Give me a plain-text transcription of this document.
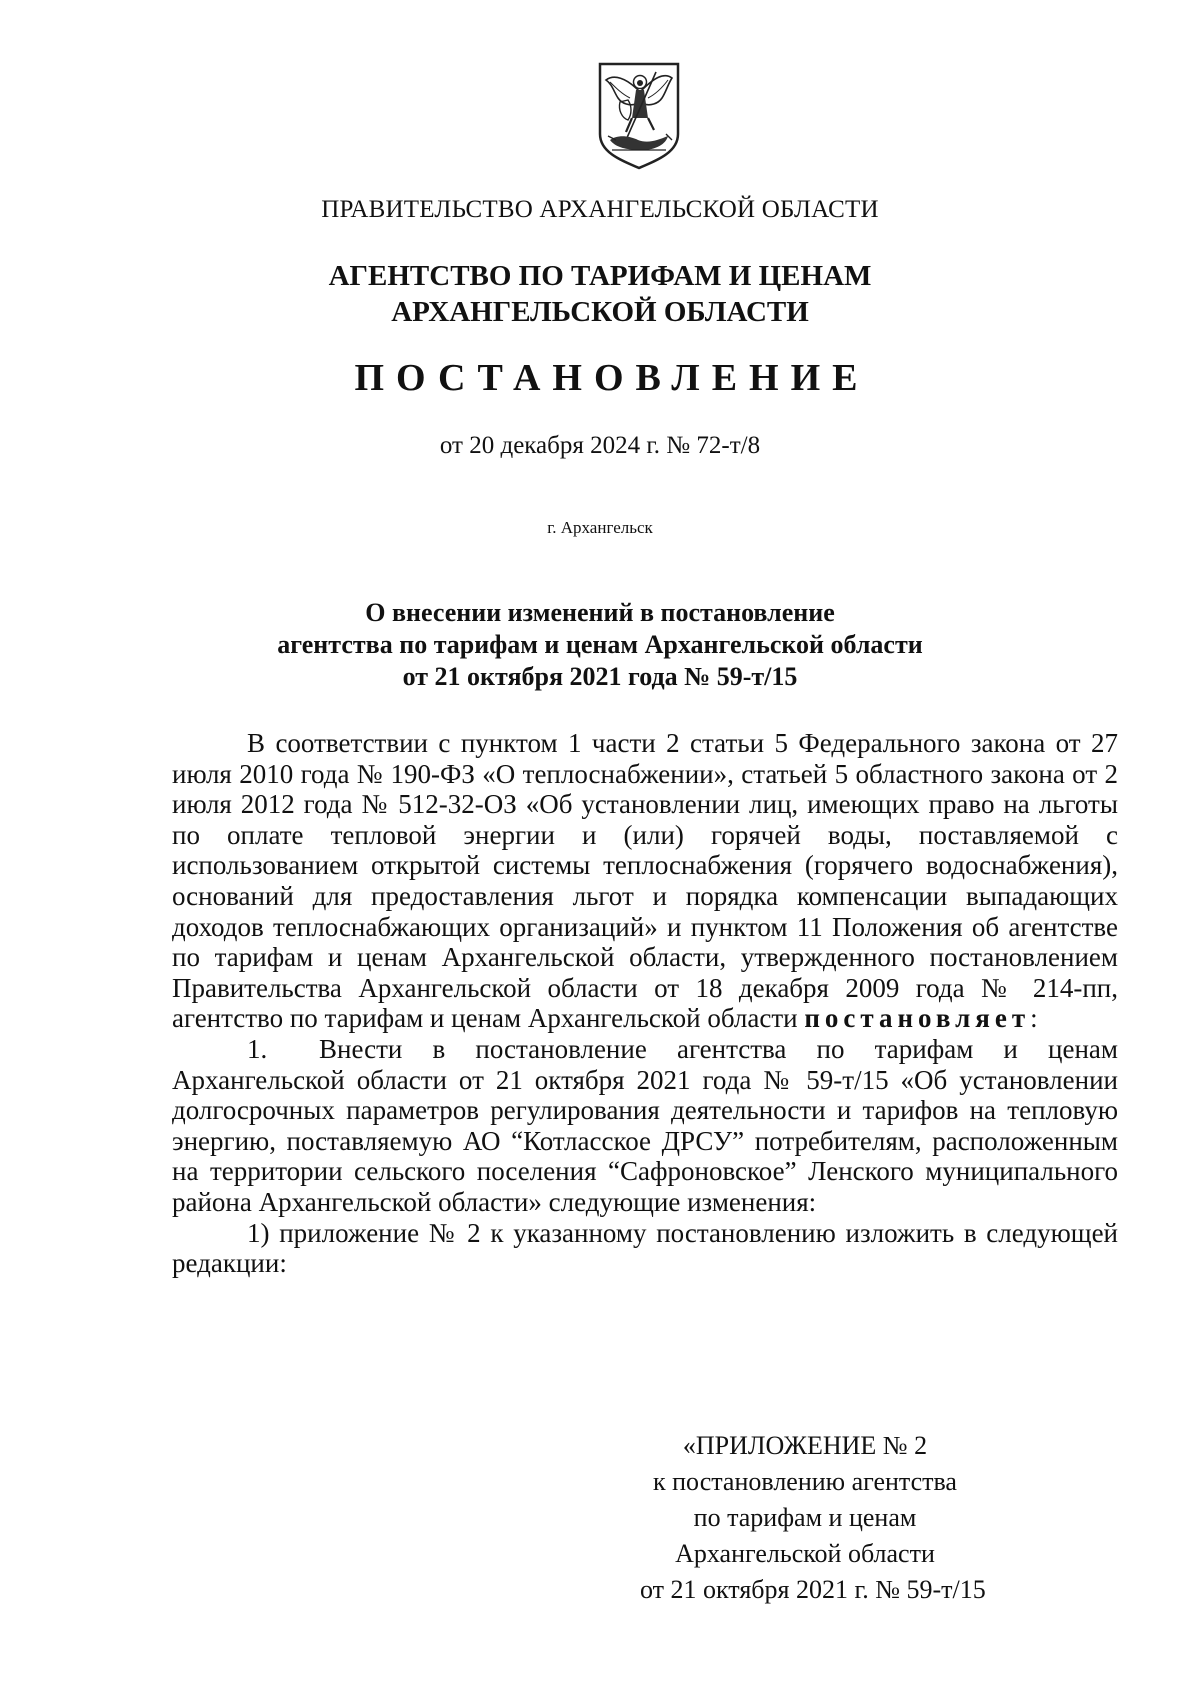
ПРАВИТЕЛЬСТВО АРХАНГЕЛЬСКОЙ ОБЛАСТИ
АГЕНТСТВО ПО ТАРИФАМ И ЦЕНАМ
АРХАНГЕЛЬСКОЙ ОБЛАСТИ
ПОСТАНОВЛЕНИЕ
от 20 декабря 2024 г. № 72-т/8
г. Архангельск
О внесении изменений в постановление
агентства по тарифам и ценам Архангельской области
от 21 октября 2021 года № 59-т/15

В соответствии с пунктом 1 части 2 статьи 5 Федерального закона от 27 июля 2010 года № 190-ФЗ «О теплоснабжении», статьей 5 областного закона от 2 июля 2012 года № 512-32-ОЗ «Об установлении лиц, имеющих право на льготы по оплате тепловой энергии и (или) горячей воды, поставляемой с использованием открытой системы теплоснабжения (горячего водоснабжения), оснований для предоставления льгот и порядка компенсации выпадающих доходов теплоснабжающих организаций» и пунктом 11 Положения об агентстве по тарифам и ценам Архангельской области, утвержденного постановлением Правительства Архангельской области от 18 декабря 2009 года № 214-пп, агентство по тарифам и ценам Архангельской области постановляет:

1. Внести в постановление агентства по тарифам и ценам Архангельской области от 21 октября 2021 года № 59-т/15 «Об установлении долгосрочных параметров регулирования деятельности и тарифов на тепловую энергию, поставляемую АО “Котласское ДРСУ” потребителям, расположенным на территории сельского поселения “Сафроновское” Ленского муниципального района Архангельской области» следующие изменения:

1) приложение № 2 к указанному постановлению изложить в следующей редакции:

«ПРИЛОЖЕНИЕ № 2
к постановлению агентства
по тарифам и ценам
Архангельской области
от 21 октября 2021 г. № 59-т/15
